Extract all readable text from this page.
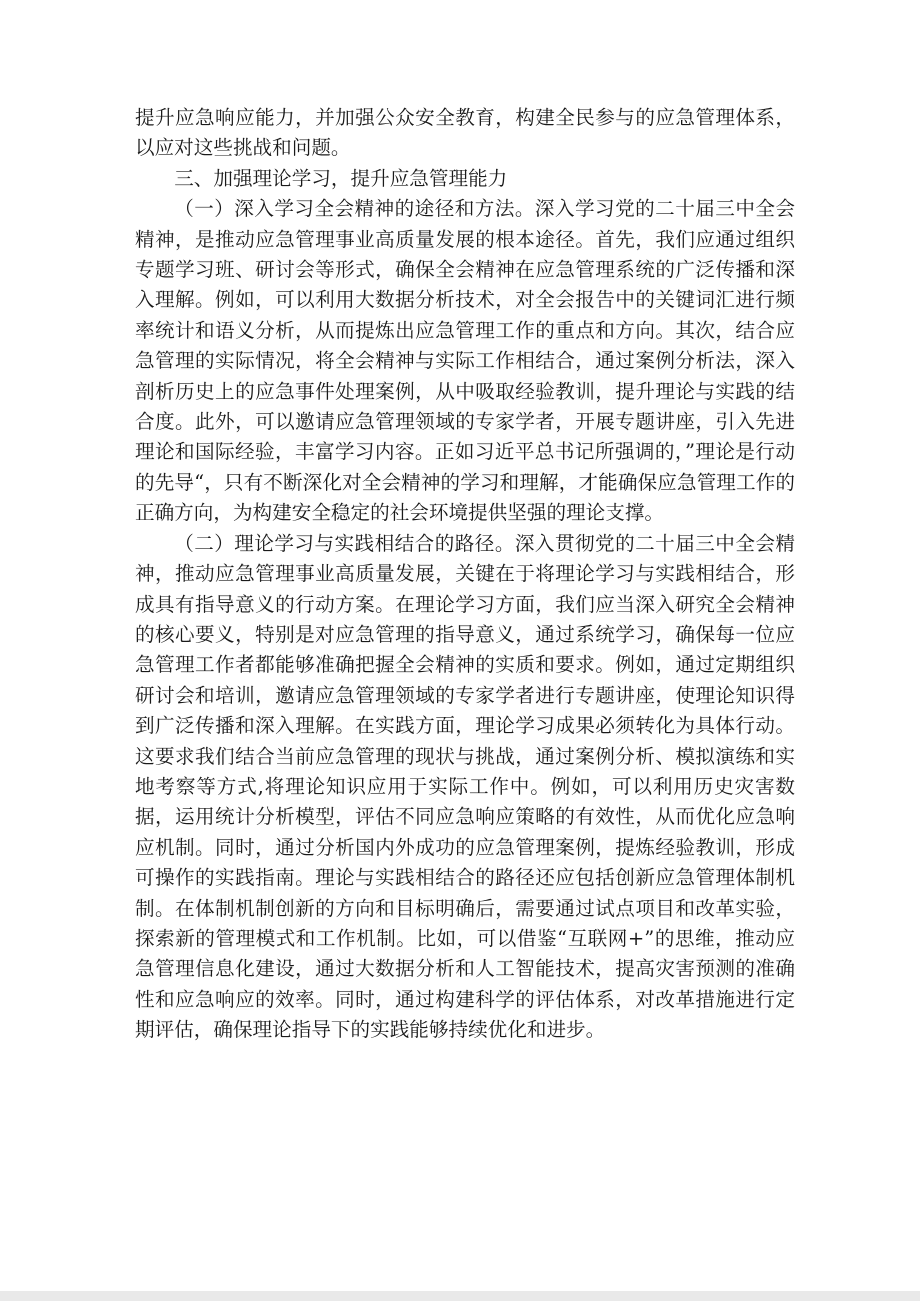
提升应急响应能力，并加强公众安全教育，构建全民参与的应急管理体系，以应对这些挑战和问题。

三、加强理论学习，提升应急管理能力

（一）深入学习全会精神的途径和方法。深入学习党的二十届三中全会精神，是推动应急管理事业高质量发展的根本途径。首先，我们应通过组织专题学习班、研讨会等形式，确保全会精神在应急管理系统的广泛传播和深入理解。例如，可以利用大数据分析技术，对全会报告中的关键词汇进行频率统计和语义分析，从而提炼出应急管理工作的重点和方向。其次，结合应急管理的实际情况，将全会精神与实际工作相结合，通过案例分析法，深入剖析历史上的应急事件处理案例，从中吸取经验教训，提升理论与实践的结合度。此外，可以邀请应急管理领域的专家学者，开展专题讲座，引入先进理论和国际经验，丰富学习内容。正如习近平总书记所强调的，”理论是行动的先导“，只有不断深化对全会精神的学习和理解，才能确保应急管理工作的正确方向，为构建安全稳定的社会环境提供坚强的理论支撑。

（二）理论学习与实践相结合的路径。深入贯彻党的二十届三中全会精神，推动应急管理事业高质量发展，关键在于将理论学习与实践相结合，形成具有指导意义的行动方案。在理论学习方面，我们应当深入研究全会精神的核心要义，特别是对应急管理的指导意义，通过系统学习，确保每一位应急管理工作者都能够准确把握全会精神的实质和要求。例如，通过定期组织研讨会和培训，邀请应急管理领域的专家学者进行专题讲座，使理论知识得到广泛传播和深入理解。在实践方面，理论学习成果必须转化为具体行动。这要求我们结合当前应急管理的现状与挑战，通过案例分析、模拟演练和实地考察等方式,将理论知识应用于实际工作中。例如，可以利用历史灾害数据，运用统计分析模型，评估不同应急响应策略的有效性，从而优化应急响应机制。同时，通过分析国内外成功的应急管理案例，提炼经验教训，形成可操作的实践指南。理论与实践相结合的路径还应包括创新应急管理体制机制。在体制机制创新的方向和目标明确后，需要通过试点项目和改革实验，探索新的管理模式和工作机制。比如，可以借鉴“互联网+”的思维，推动应急管理信息化建设，通过大数据分析和人工智能技术，提高灾害预测的准确性和应急响应的效率。同时，通过构建科学的评估体系，对改革措施进行定期评估，确保理论指导下的实践能够持续优化和进步。
